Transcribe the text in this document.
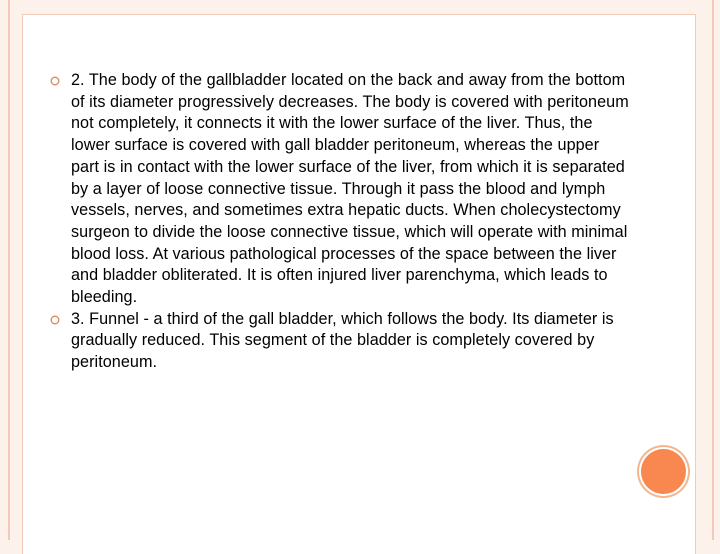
2. The body of the gallbladder located on the back and away from the bottom of its diameter progressively decreases. The body is covered with peritoneum not completely, it connects it with the lower surface of the liver. Thus, the lower surface is covered with gall bladder peritoneum, whereas the upper part is in contact with the lower surface of the liver, from which it is separated by a layer of loose connective tissue. Through it pass the blood and lymph vessels, nerves, and sometimes extra hepatic ducts. When cholecystectomy surgeon to divide the loose connective tissue, which will operate with minimal blood loss. At various pathological processes of the space between the liver and bladder obliterated. It is often injured liver parenchyma, which leads to bleeding.

3. Funnel - a third of the gall bladder, which follows the body. Its diameter is gradually reduced. This segment of the bladder is completely covered by peritoneum.
